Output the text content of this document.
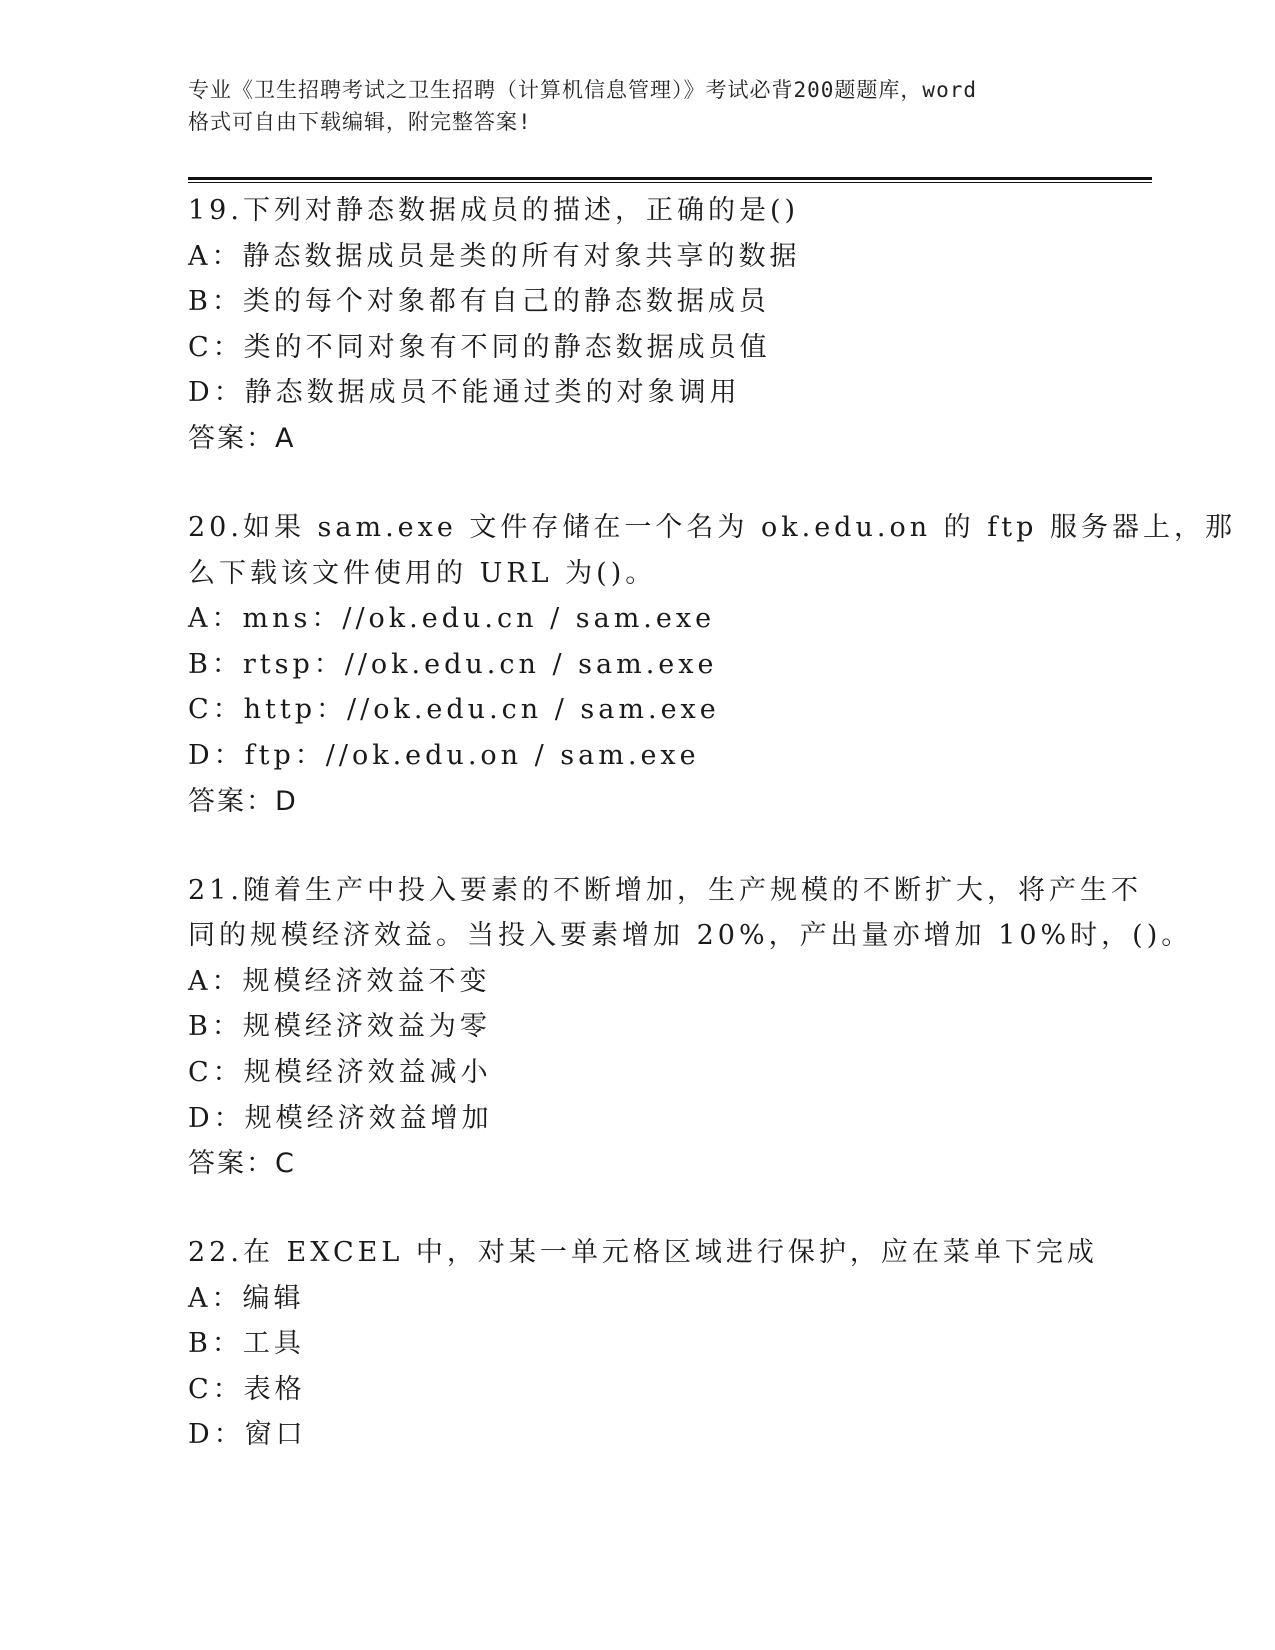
专业《卫生招聘考试之卫生招聘（计算机信息管理）》考试必背200题题库，word
格式可自由下载编辑，附完整答案!
19.下列对静态数据成员的描述，正确的是()
A：静态数据成员是类的所有对象共享的数据
B：类的每个对象都有自己的静态数据成员
C：类的不同对象有不同的静态数据成员值
D：静态数据成员不能通过类的对象调用
答案：A
20.如果 sam.exe 文件存储在一个名为 ok.edu.on 的 ftp 服务器上，那
么下载该文件使用的 URL 为()。
A：mns：//ok.edu.cn / sam.exe
B：rtsp：//ok.edu.cn / sam.exe
C：http：//ok.edu.cn / sam.exe
D：ftp：//ok.edu.on / sam.exe
答案：D
21.随着生产中投入要素的不断增加，生产规模的不断扩大，将产生不
同的规模经济效益。当投入要素增加 20%，产出量亦增加 10%时，()。
A：规模经济效益不变
B：规模经济效益为零
C：规模经济效益减小
D：规模经济效益增加
答案：C
22.在 EXCEL 中，对某一单元格区域进行保护，应在菜单下完成
A：编辑
B：工具
C：表格
D：窗口
